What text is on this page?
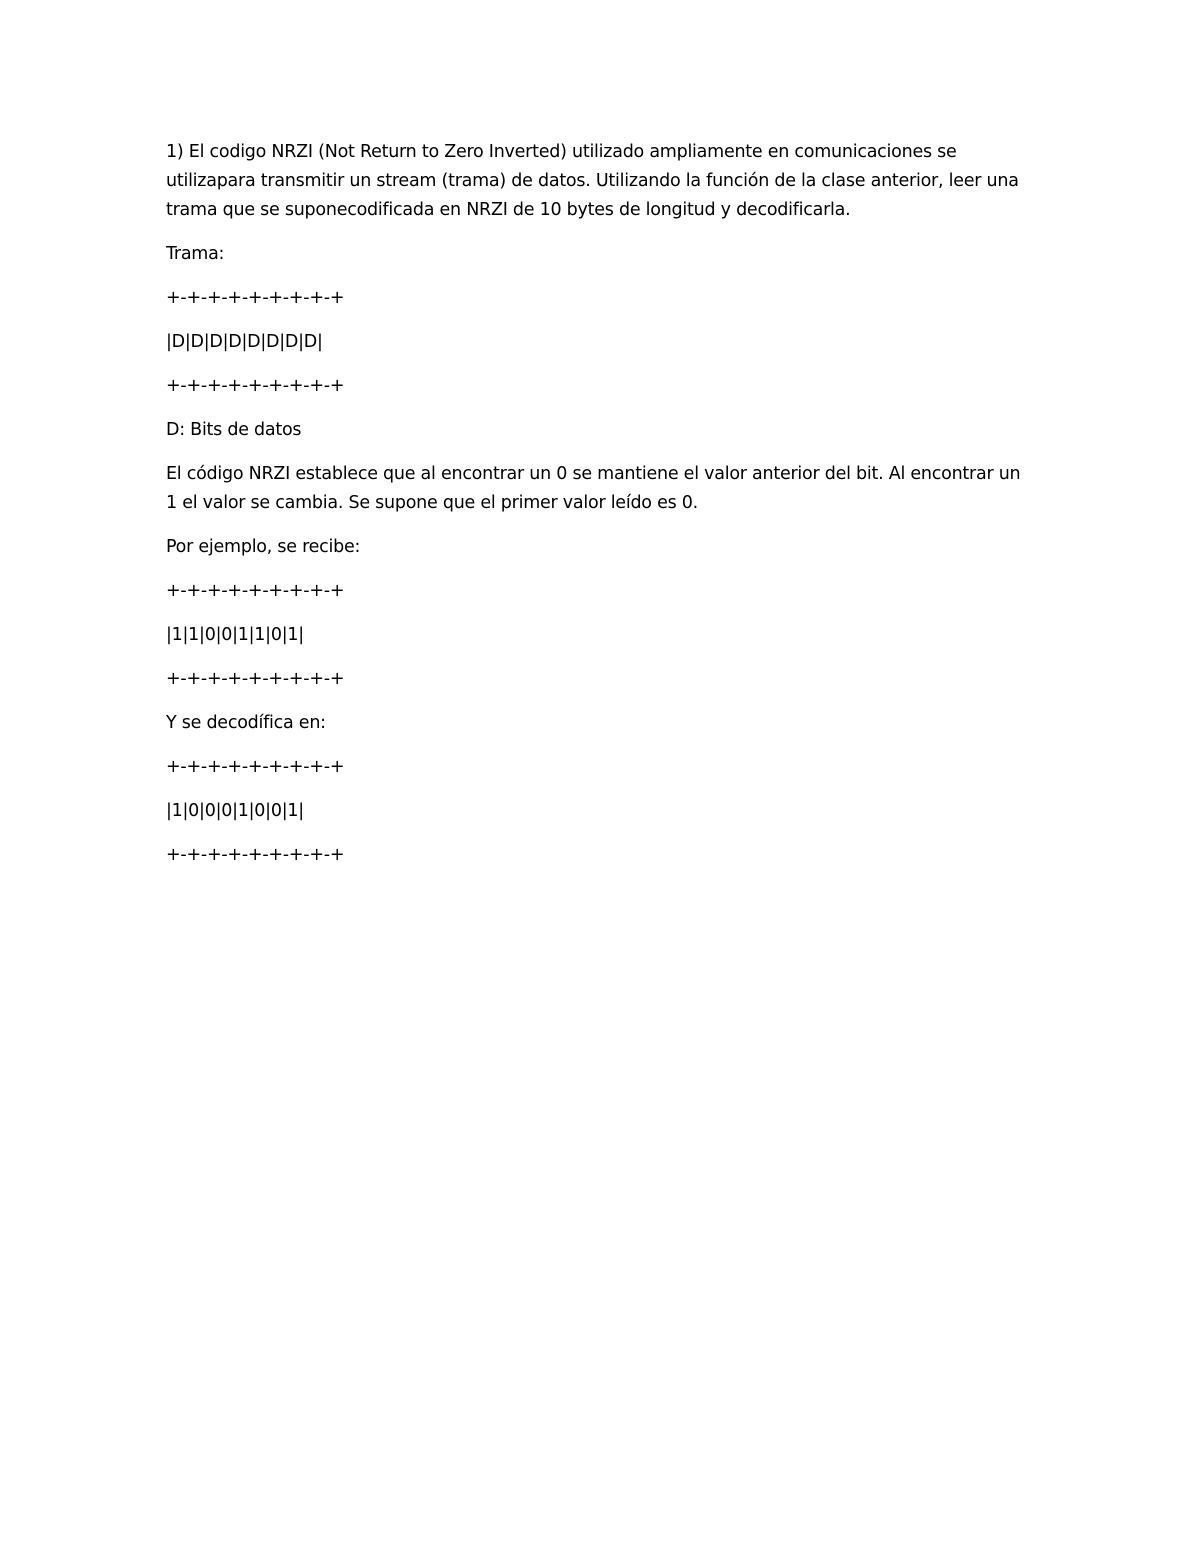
1) El codigo NRZI (Not Return to Zero Inverted) utilizado ampliamente en comunicaciones se utilizapara transmitir un stream (trama) de datos. Utilizando la función de la clase anterior, leer una trama que se suponecodificada en NRZI de 10 bytes de longitud y decodificarla.

Trama:

+-+-+-+-+-+-+-+-+

|D|D|D|D|D|D|D|D|

+-+-+-+-+-+-+-+-+

D: Bits de datos

El código NRZI establece que al encontrar un 0 se mantiene el valor anterior del bit. Al encontrar un 1 el valor se cambia. Se supone que el primer valor leído es 0.

Por ejemplo, se recibe:

+-+-+-+-+-+-+-+-+

|1|1|0|0|1|1|0|1|

+-+-+-+-+-+-+-+-+

Y se decodífica en:

+-+-+-+-+-+-+-+-+

|1|0|0|0|1|0|0|1|

+-+-+-+-+-+-+-+-+
